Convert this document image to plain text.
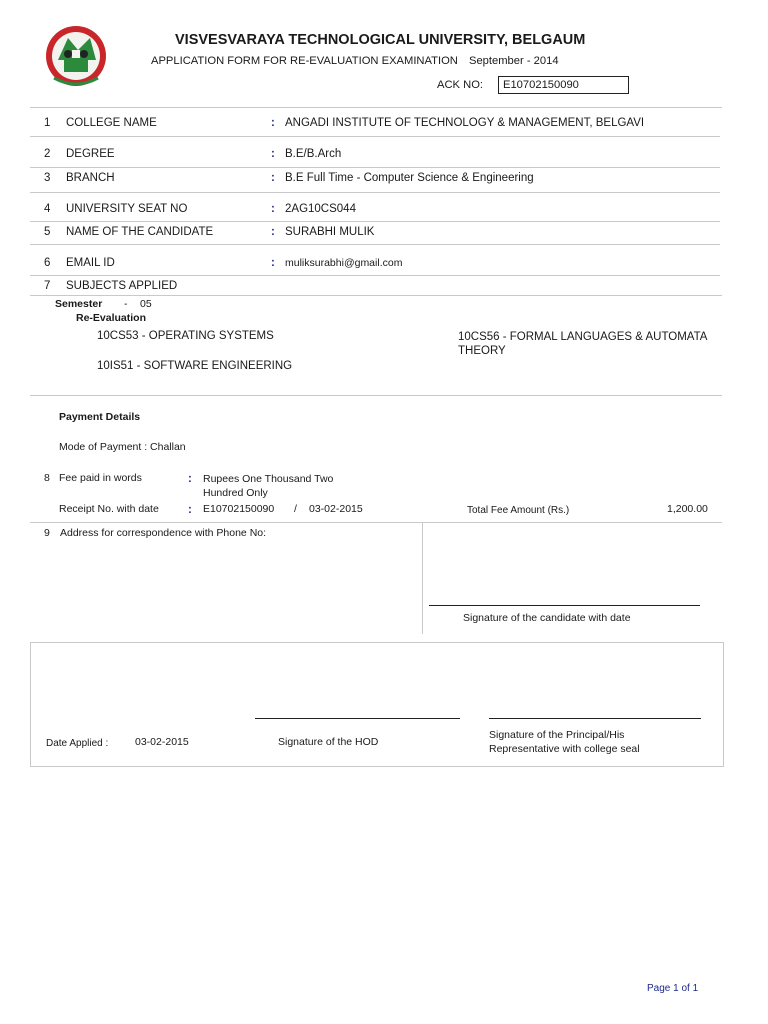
VISVESVARAYA TECHNOLOGICAL UNIVERSITY, BELGAUM
APPLICATION FORM FOR RE-EVALUATION EXAMINATION September - 2014
ACK NO:	E10702150090
1 COLLEGE NAME	: ANGADI INSTITUTE OF TECHNOLOGY & MANAGEMENT, BELGAVI
2 DEGREE	: B.E/B.Arch
3 BRANCH	: B.E Full Time - Computer Science & Engineering
4 UNIVERSITY SEAT NO	: 2AG10CS044
5 NAME OF THE CANDIDATE	: SURABHI MULIK
6 EMAIL ID	: muliksurabhi@gmail.com
7 SUBJECTS APPLIED
Semester - 05
Re-Evaluation
10CS53 - OPERATING SYSTEMS	10CS56 - FORMAL LANGUAGES & AUTOMATA THEORY
10IS51 - SOFTWARE ENGINEERING
Payment Details
Mode of Payment : Challan
8 Fee paid in words	: Rupees One Thousand Two Hundred Only
Receipt No. with date	: E10702150090 / 03-02-2015	Total Fee Amount (Rs.)	1,200.00
9 Address for correspondence with Phone No:
Signature of the candidate with date
Date Applied :	03-02-2015	Signature of the HOD
Signature of the Principal/His Representative with college seal
Page 1 of 1
